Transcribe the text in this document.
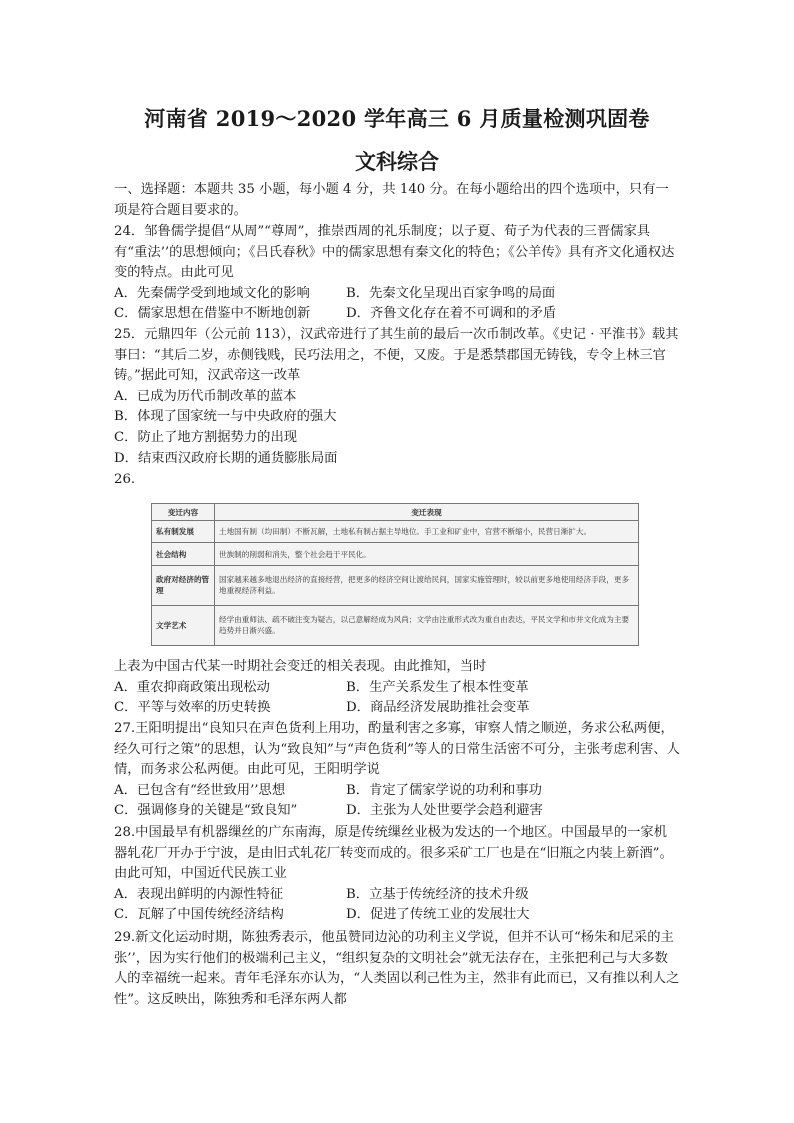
河南省 2019～2020 学年高三 6 月质量检测巩固卷
文科综合

一、选择题：本题共 35 小题，每小题 4 分，共 140 分。在每小题给出的四个选项中，只有一项是符合题目要求的。

24．邹鲁儒学提倡“从周”“尊周”，推崇西周的礼乐制度；以子夏、荀子为代表的三晋儒家具有“重法’’的思想倾向；《吕氏春秋》中的儒家思想有秦文化的特色；《公羊传》具有齐文化通权达变的特点。由此可见

A．先秦儒学受到地域文化的影响	B．先秦文化呈现出百家争鸣的局面
C．儒家思想在借鉴中不断地创新	D．齐鲁文化存在着不可调和的矛盾

25．元鼎四年（公元前 113），汉武帝进行了其生前的最后一次币制改革。《史记 · 平淮书》载其事曰：“其后二岁，赤侧钱贱，民巧法用之，不便，又废。于是悉禁郡国无铸钱，专令上林三官铸。”据此可知，汉武帝这一改革

A．已成为历代币制改革的蓝本

B．体现了国家统一与中央政府的强大

C．防止了地方割据势力的出现

D．结束西汉政府长期的通货膨胀局面

26.

变迁内容	变迁表现
私有制发展	土地国有制（均田制）不断瓦解，土地私有制占据主导地位。手工业和矿业中，官营不断缩小，民营日渐扩大。
社会结构	世族制的削弱和消失，整个社会趋于平民化。
政府对经济的管理	国家越来越多地退出经济的直接经营，把更多的经济空间让渡给民间，国家实施管理时，较以前更多地使用经济手段，更多地重视经济利益。
文学艺术	经学由重师法、疏不破注变为疑古，以己意解经成为风尚；文学由注重形式改为重自由表达，平民文学和市井文化成为主要趋势并日渐兴盛。

上表为中国古代某一时期社会变迁的相关表现。由此推知，当时

A．重农抑商政策出现松动	B．生产关系发生了根本性变革
C．平等与效率的历史转换	D．商品经济发展助推社会变革

27.王阳明提出“良知只在声色货利上用功，酌量利害之多寡，审察人情之顺逆，务求公私两便，经久可行之策”的思想，认为“致良知”与“声色货利”等人的日常生活密不可分，主张考虑利害、人情，而务求公私两便。由此可见，王阳明学说

A．已包含有“经世致用’’思想	B．肯定了儒家学说的功利和事功
C．强调修身的关键是“致良知”	D．主张为人处世要学会趋利避害

28.中国最早有机器缫丝的广东南海，原是传统缫丝业极为发达的一个地区。中国最早的一家机器轧花厂开办于宁波，是由旧式轧花厂转变而成的。很多采矿工厂也是在“旧瓶之内装上新酒”。由此可知，中国近代民族工业

A．表现出鲜明的内源性特征	B．立基于传统经济的技术升级
C．瓦解了中国传统经济结构	D．促进了传统工业的发展壮大

29.新文化运动时期，陈独秀表示，他虽赞同边沁的功利主义学说，但并不认可“杨朱和尼采的主张’’，因为实行他们的极端利己主义，“组织复杂的文明社会”就无法存在，主张把利己与大多数人的幸福统一起来。青年毛泽东亦认为，“人类固以利己性为主，然非有此而已，又有推以利人之性”。这反映出，陈独秀和毛泽东两人都
